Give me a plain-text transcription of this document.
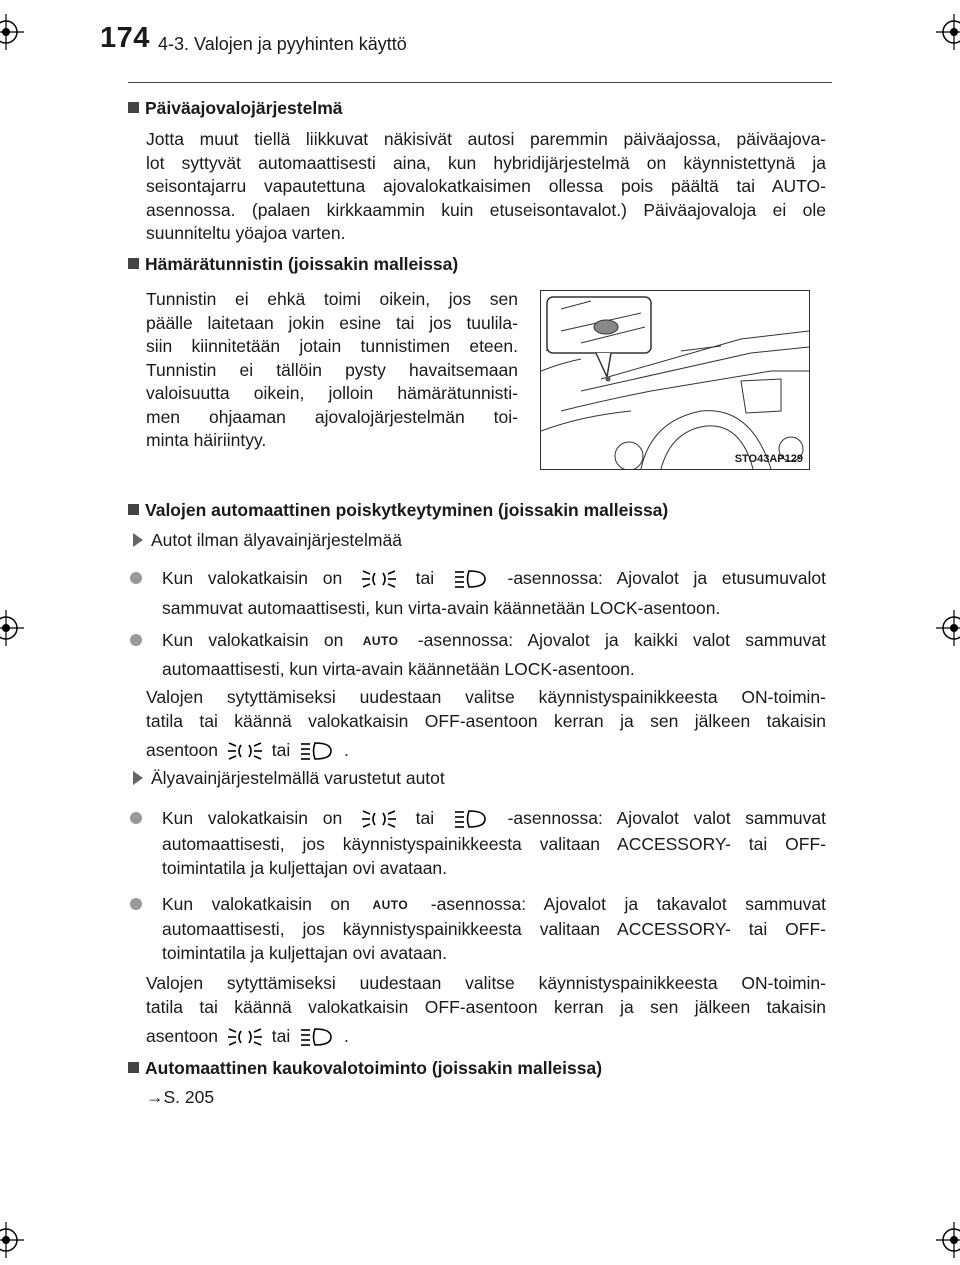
174 4-3. Valojen ja pyyhinten käyttö
Päiväajovalojärjestelmä
Jotta muut tiellä liikkuvat näkisivät autosi paremmin päiväajossa, päiväajova-
lot syttyvät automaattisesti aina, kun hybridijärjestelmä on käynnistettynä ja
seisontajarru vapautettuna ajovalokatkaisimen ollessa pois päältä tai AUTO-
asennossa. (palaen kirkkaammin kuin etuseisontavalot.) Päiväajovaloja ei ole
suunniteltu yöajoa varten.
Hämärätunnistin (joissakin malleissa)
Tunnistin ei ehkä toimi oikein, jos sen
päälle laitetaan jokin esine tai jos tuulila-
siin kiinnitetään jotain tunnistimen eteen.
Tunnistin ei tällöin pysty havaitsemaan
valoisuutta oikein, jolloin hämärätunnisti-
men ohjaaman ajovalojärjestelmän toi-
minta häiriintyy.
STO43AP129
Valojen automaattinen poiskytkeytyminen (joissakin malleissa)
Autot ilman älyavainjärjestelmää
Kun valokatkaisin on	tai	-asennossa: Ajovalot ja etusumuvalot
sammuvat automaattisesti, kun virta-avain käännetään LOCK-asentoon.
Kun valokatkaisin on AUTO -asennossa: Ajovalot ja kaikki valot sammuvat
automaattisesti, kun virta-avain käännetään LOCK-asentoon.
Valojen sytyttämiseksi uudestaan valitse käynnistyspainikkeesta ON-toimin-
tatila tai käännä valokatkaisin OFF-asentoon kerran ja sen jälkeen takaisin
asentoon	tai	.
Älyavainjärjestelmällä varustetut autot
Kun valokatkaisin on	tai	-asennossa: Ajovalot valot sammuvat
automaattisesti, jos käynnistyspainikkeesta valitaan ACCESSORY- tai OFF-
toimintatila ja kuljettajan ovi avataan.
Kun valokatkaisin on AUTO -asennossa: Ajovalot ja takavalot sammuvat
automaattisesti, jos käynnistyspainikkeesta valitaan ACCESSORY- tai OFF-
toimintatila ja kuljettajan ovi avataan.
Valojen sytyttämiseksi uudestaan valitse käynnistyspainikkeesta ON-toimin-
tatila tai käännä valokatkaisin OFF-asentoon kerran ja sen jälkeen takaisin
asentoon	tai	.
Automaattinen kaukovalotoiminto (joissakin malleissa)
→S. 205
